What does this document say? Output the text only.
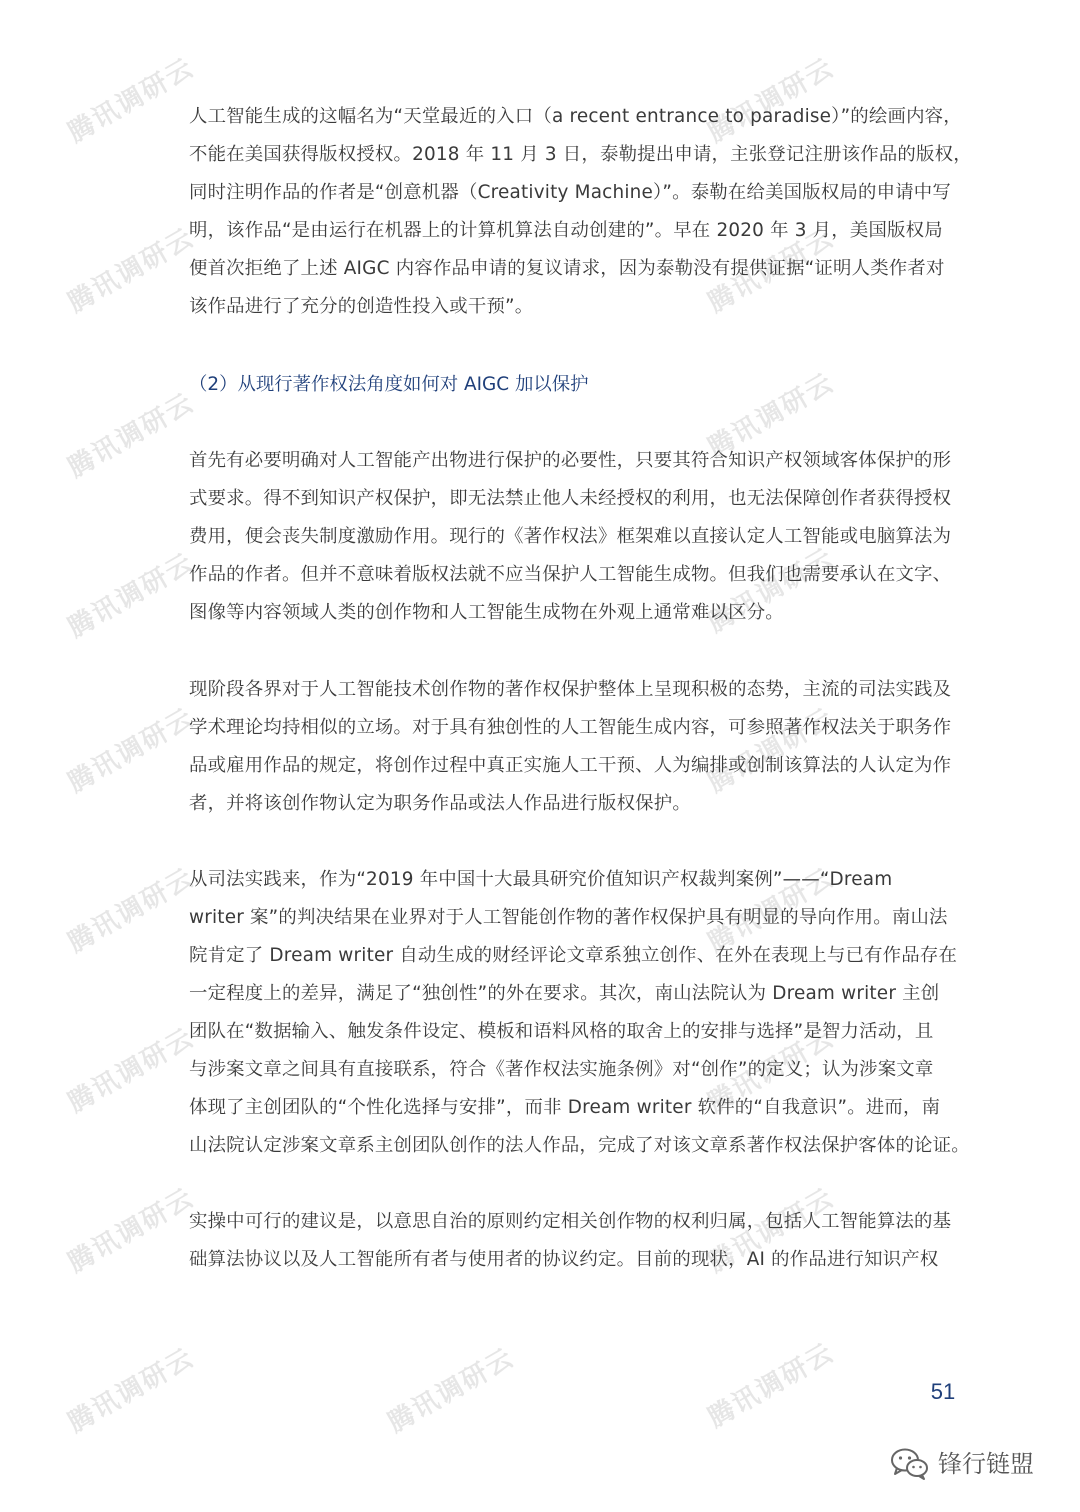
腾讯调研云	腾讯调研云
腾讯调研云	腾讯调研云
腾讯调研云	腾讯调研云
腾讯调研云	腾讯调研云
腾讯调研云	腾讯调研云
腾讯调研云	腾讯调研云
腾讯调研云	腾讯调研云
腾讯调研云	腾讯调研云
腾讯调研云	腾讯调研云	腾讯调研云
人工智能生成的这幅名为“天堂最近的入口（a recent entrance to paradise）”的绘画内容，
不能在美国获得版权授权。2018 年 11 月 3 日，泰勒提出申请，主张登记注册该作品的版权，
同时注明作品的作者是“创意机器（Creativity Machine）”。泰勒在给美国版权局的申请中写
明，该作品“是由运行在机器上的计算机算法自动创建的”。早在 2020 年 3 月，美国版权局
便首次拒绝了上述 AIGC 内容作品申请的复议请求，因为泰勒没有提供证据“证明人类作者对
该作品进行了充分的创造性投入或干预”。
（2）从现行著作权法角度如何对 AIGC 加以保护
首先有必要明确对人工智能产出物进行保护的必要性，只要其符合知识产权领域客体保护的形
式要求。得不到知识产权保护，即无法禁止他人未经授权的利用，也无法保障创作者获得授权
费用，便会丧失制度激励作用。现行的《著作权法》框架难以直接认定人工智能或电脑算法为
作品的作者。但并不意味着版权法就不应当保护人工智能生成物。但我们也需要承认在文字、
图像等内容领域人类的创作物和人工智能生成物在外观上通常难以区分。
现阶段各界对于人工智能技术创作物的著作权保护整体上呈现积极的态势，主流的司法实践及
学术理论均持相似的立场。对于具有独创性的人工智能生成内容，可参照著作权法关于职务作
品或雇用作品的规定，将创作过程中真正实施人工干预、人为编排或创制该算法的人认定为作
者，并将该创作物认定为职务作品或法人作品进行版权保护。
从司法实践来，作为“2019 年中国十大最具研究价值知识产权裁判案例”——“Dream
writer 案”的判决结果在业界对于人工智能创作物的著作权保护具有明显的导向作用。南山法
院肯定了 Dream writer 自动生成的财经评论文章系独立创作、在外在表现上与已有作品存在
一定程度上的差异，满足了“独创性”的外在要求。其次，南山法院认为 Dream writer 主创
团队在“数据输入、触发条件设定、模板和语料风格的取舍上的安排与选择”是智力活动，且
与涉案文章之间具有直接联系，符合《著作权法实施条例》对“创作”的定义；认为涉案文章
体现了主创团队的“个性化选择与安排”，而非 Dream writer 软件的“自我意识”。进而，南
山法院认定涉案文章系主创团队创作的法人作品，完成了对该文章系著作权法保护客体的论证。
实操中可行的建议是，以意思自治的原则约定相关创作物的权利归属，包括人工智能算法的基
础算法协议以及人工智能所有者与使用者的协议约定。目前的现状，AI 的作品进行知识产权
51
锋行链盟
